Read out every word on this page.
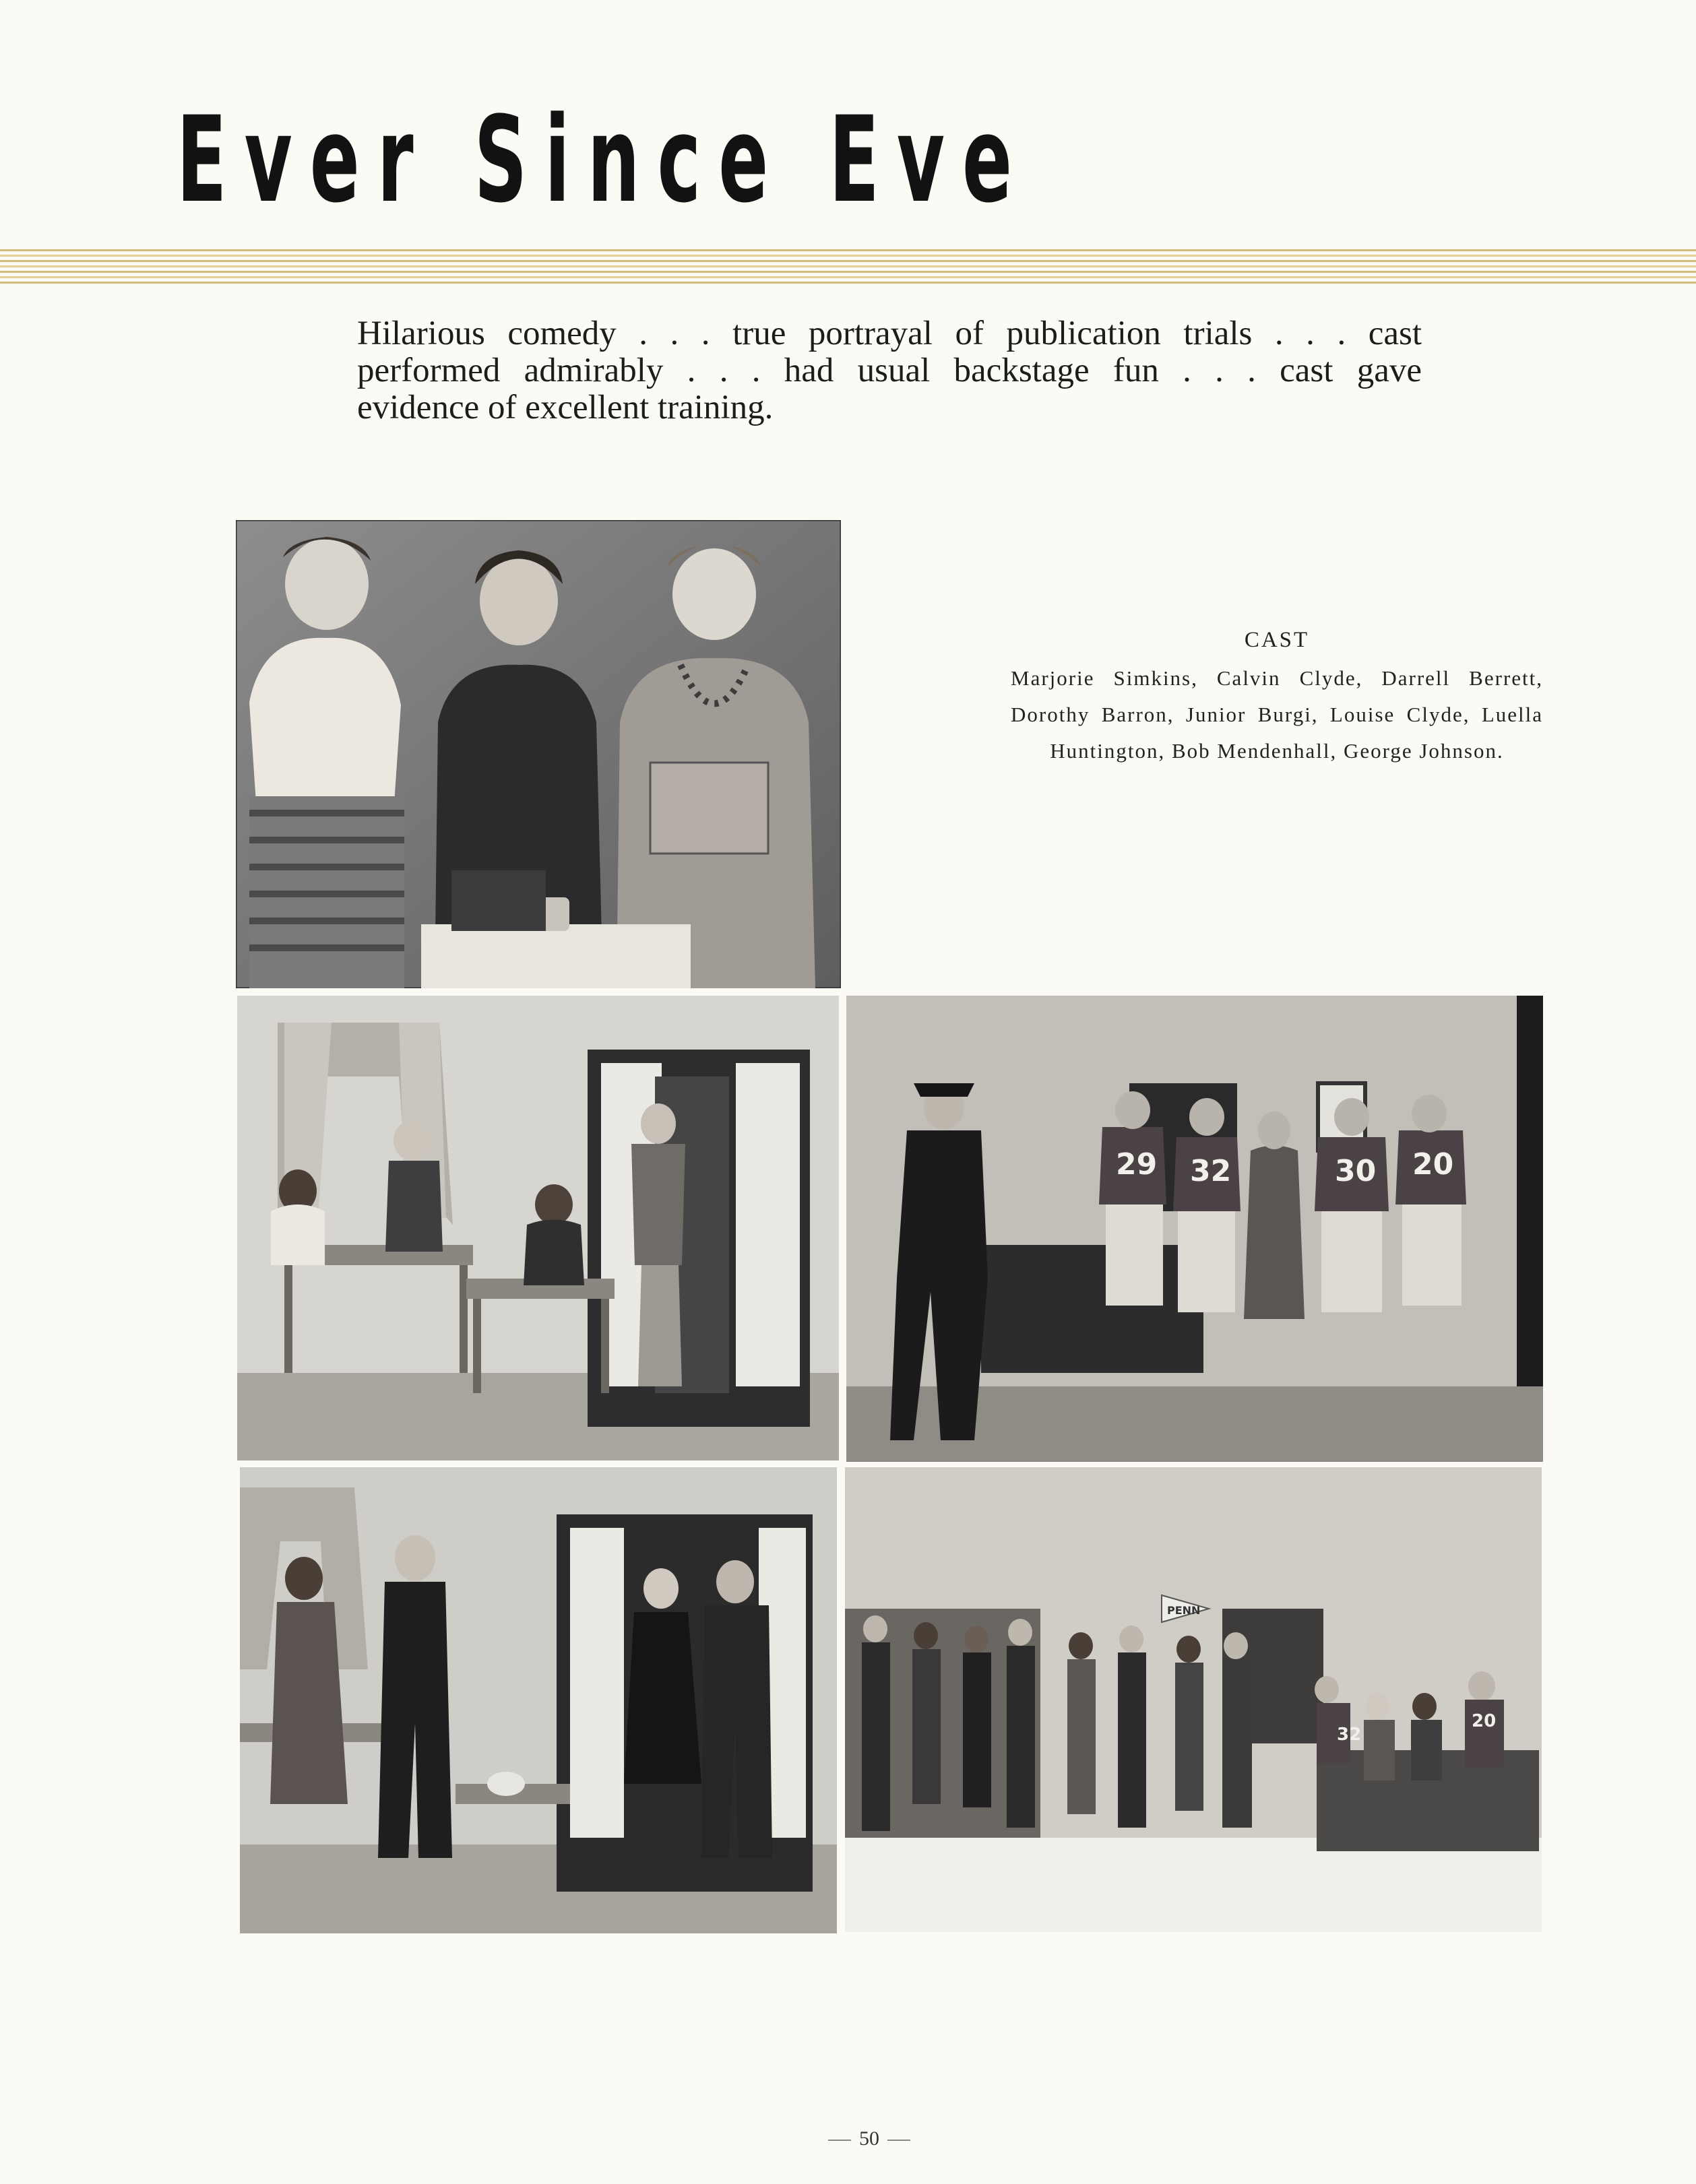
Ever Since Eve
Hilarious comedy . . . true portrayal of publication trials . . . cast
performed admirably . . . had usual backstage fun . . . cast gave
evidence of excellent training.
CAST
Marjorie Simkins, Calvin Clyde, Darrell Berrett, Dorothy Barron, Junior Burgi, Louise Clyde, Luella Huntington, Bob Mendenhall, George Johnson.
29 32	30 20
PENN
32
20
50
